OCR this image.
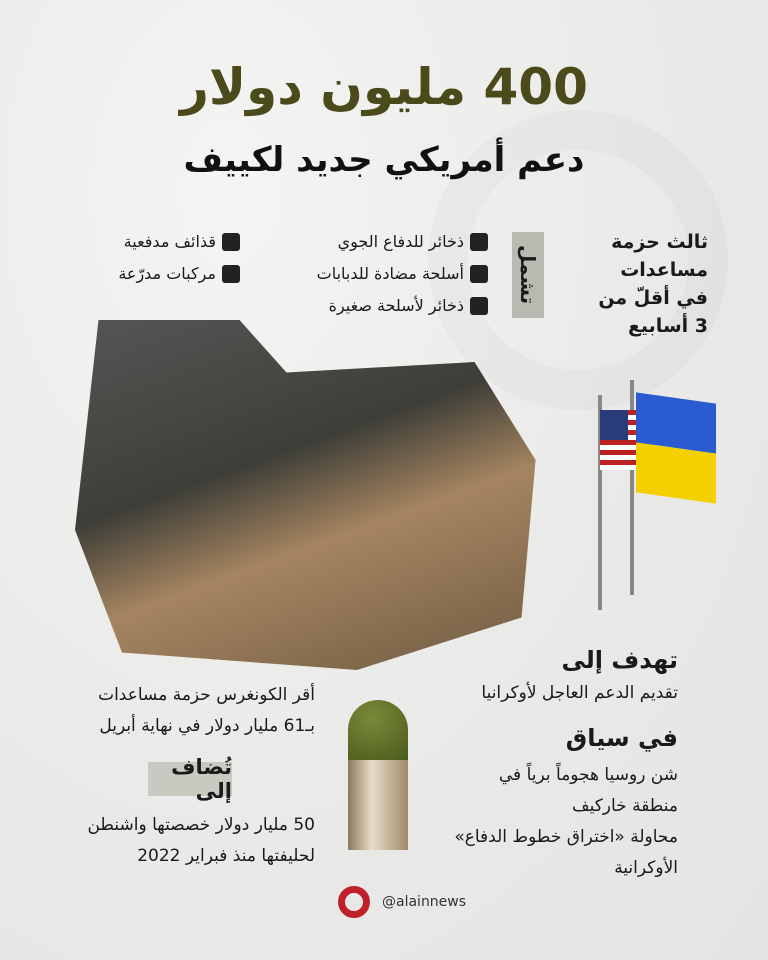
400 مليون دولار
دعم أمريكي جديد لكييف
ثالث حزمة
مساعدات
في أقلّ من
3 أسابيع
تشمل
ذخائر للدفاع الجوي
أسلحة مضادة للدبابات
ذخائر لأسلحة صغيرة
قذائف مدفعية
مركبات مدرّعة
تهدف إلى
تقديم الدعم العاجل لأوكرانيا
في سياق
شن روسيا هجوماً برياً في
منطقة خاركيف
محاولة «اختراق خطوط الدفاع»
الأوكرانية
أقر الكونغرس حزمة مساعدات
بـ61 مليار دولار في نهاية أبريل
تُضاف إلى
50 مليار دولار خصصتها واشنطن
لحليفتها منذ فبراير 2022
@alainnews
